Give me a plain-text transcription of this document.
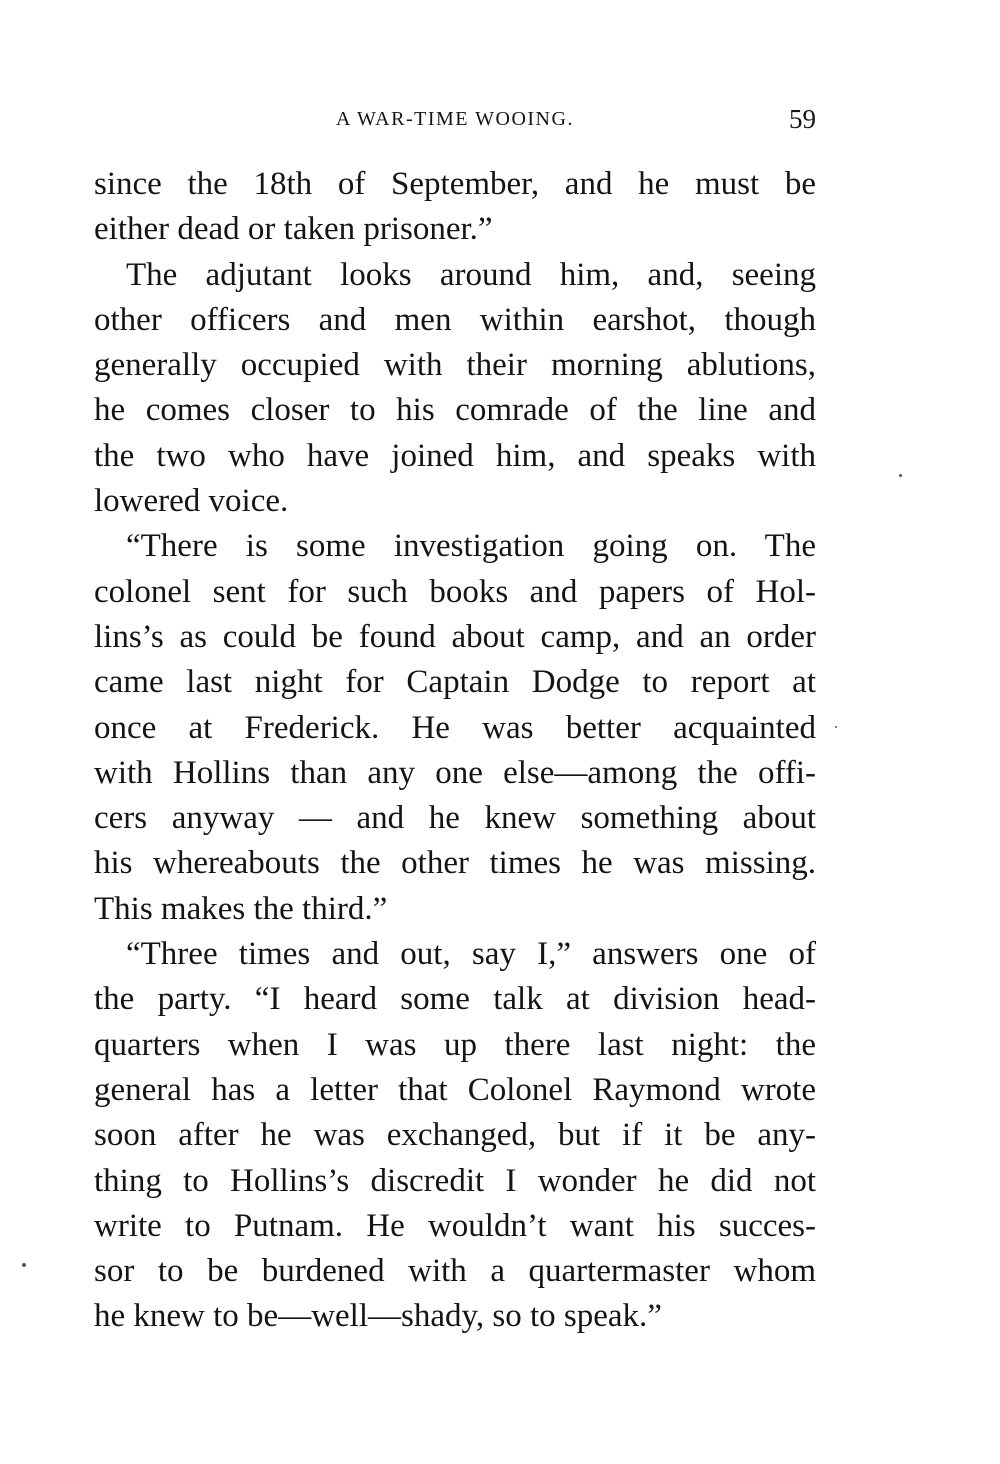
A WAR-TIME WOOING.	59
since the 18th of September, and he must be
either dead or taken prisoner.”
The adjutant looks around him, and, seeing
other officers and men within earshot, though
generally occupied with their morning ablutions,
he comes closer to his comrade of the line and
the two who have joined him, and speaks with
lowered voice.
“There is some investigation going on. The
colonel sent for such books and papers of Hol-
lins’s as could be found about camp, and an order
came last night for Captain Dodge to report at
once at Frederick. He was better acquainted
with Hollins than any one else—among the offi-
cers anyway — and he knew something about
his whereabouts the other times he was missing.
This makes the third.”
“Three times and out, say I,” answers one of
the party. “I heard some talk at division head-
quarters when I was up there last night: the
general has a letter that Colonel Raymond wrote
soon after he was exchanged, but if it be any-
thing to Hollins’s discredit I wonder he did not
write to Putnam. He wouldn’t want his succes-
sor to be burdened with a quartermaster whom
he knew to be—well—shady, so to speak.”
